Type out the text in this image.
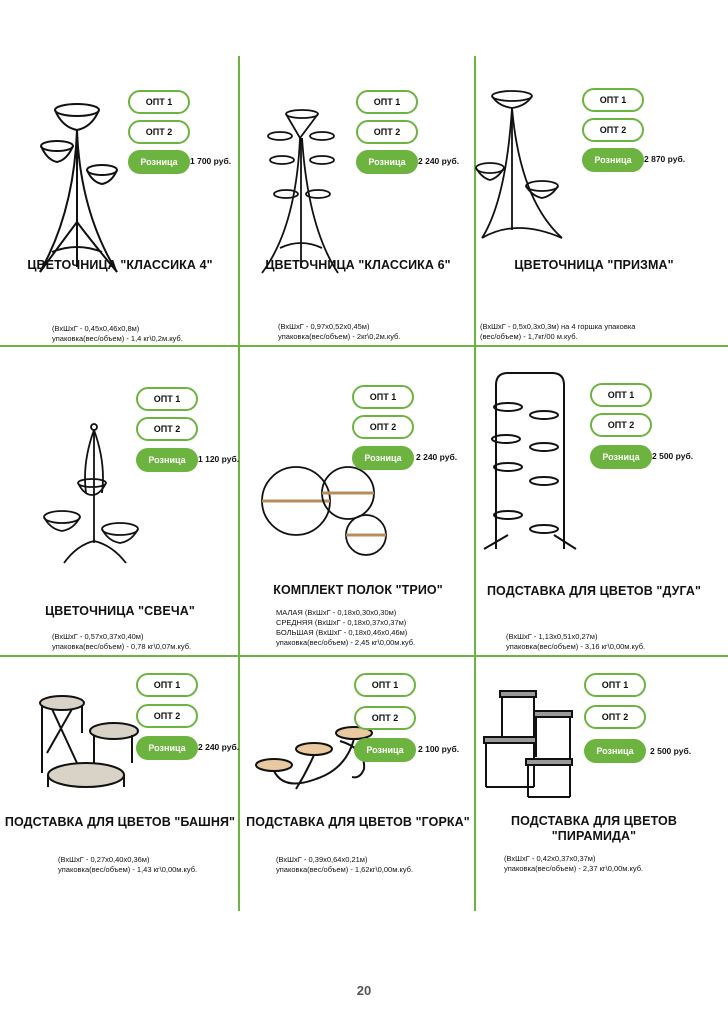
ОПТ 1
ОПТ 2
Розница	1 700 руб.
ЦВЕТОЧНИЦА "КЛАССИКА 4"
(ВхШхГ - 0,45х0,46х0,8м)
упаковка(вес/объем) - 1,4 кг\0,2м.куб.
ОПТ 1
ОПТ 2
Розница	2 240 руб.
ЦВЕТОЧНИЦА "КЛАССИКА 6"
(ВхШхГ - 0,97х0,52х0,45м)
упаковка(вес/объем) - 2кг\0,2м.куб.
ОПТ 1
ОПТ 2
Розница	2 870 руб.
ЦВЕТОЧНИЦА "ПРИЗМА"
(ВхШхГ - 0,5х0,3х0,3м) на 4 горшка упаковка
(вес/объем) - 1,7кг/00 м.куб.
ОПТ 1
ОПТ 2
Розница	1 120 руб.
ЦВЕТОЧНИЦА "СВЕЧА"
(ВхШхГ - 0,57х0,37х0,40м)
упаковка(вес/объем) - 0,78 кг\0,07м.куб.
ОПТ 1
ОПТ 2
Розница	2 240 руб.
КОМПЛЕКТ ПОЛОК "ТРИО"
МАЛАЯ (ВхШхГ - 0,18х0,30х0,30м)
СРЕДНЯЯ (ВхШхГ - 0,18х0,37х0,37м)
БОЛЬШАЯ (ВхШхГ - 0,18х0,46х0,46м)
упаковка(вес/объем) - 2,45 кг\0,00м.куб.
ОПТ 1
ОПТ 2
Розница	2 500 руб.
ПОДСТАВКА ДЛЯ ЦВЕТОВ "ДУГА"
(ВхШхГ - 1,13х0,51х0,27м)
упаковка(вес/объем) - 3,16 кг\0,00м.куб.
ОПТ 1
ОПТ 2
Розница	2 240 руб.
ПОДСТАВКА ДЛЯ ЦВЕТОВ "БАШНЯ"
(ВхШхГ - 0,27х0,40х0,36м)
упаковка(вес/объем) - 1,43 кг\0,00м.куб.
ОПТ 1
ОПТ 2
Розница	2 100 руб.
ПОДСТАВКА ДЛЯ ЦВЕТОВ "ГОРКА"
(ВхШхГ - 0,39х0,64х0,21м)
упаковка(вес/объем) - 1,62кг\0,00м.куб.
ОПТ 1
ОПТ 2
Розница	2 500 руб.
ПОДСТАВКА ДЛЯ ЦВЕТОВ "ПИРАМИДА"
(ВхШхГ - 0,42х0,37х0,37м)
упаковка(вес/объем) - 2,37 кг\0,00м.куб.
20
